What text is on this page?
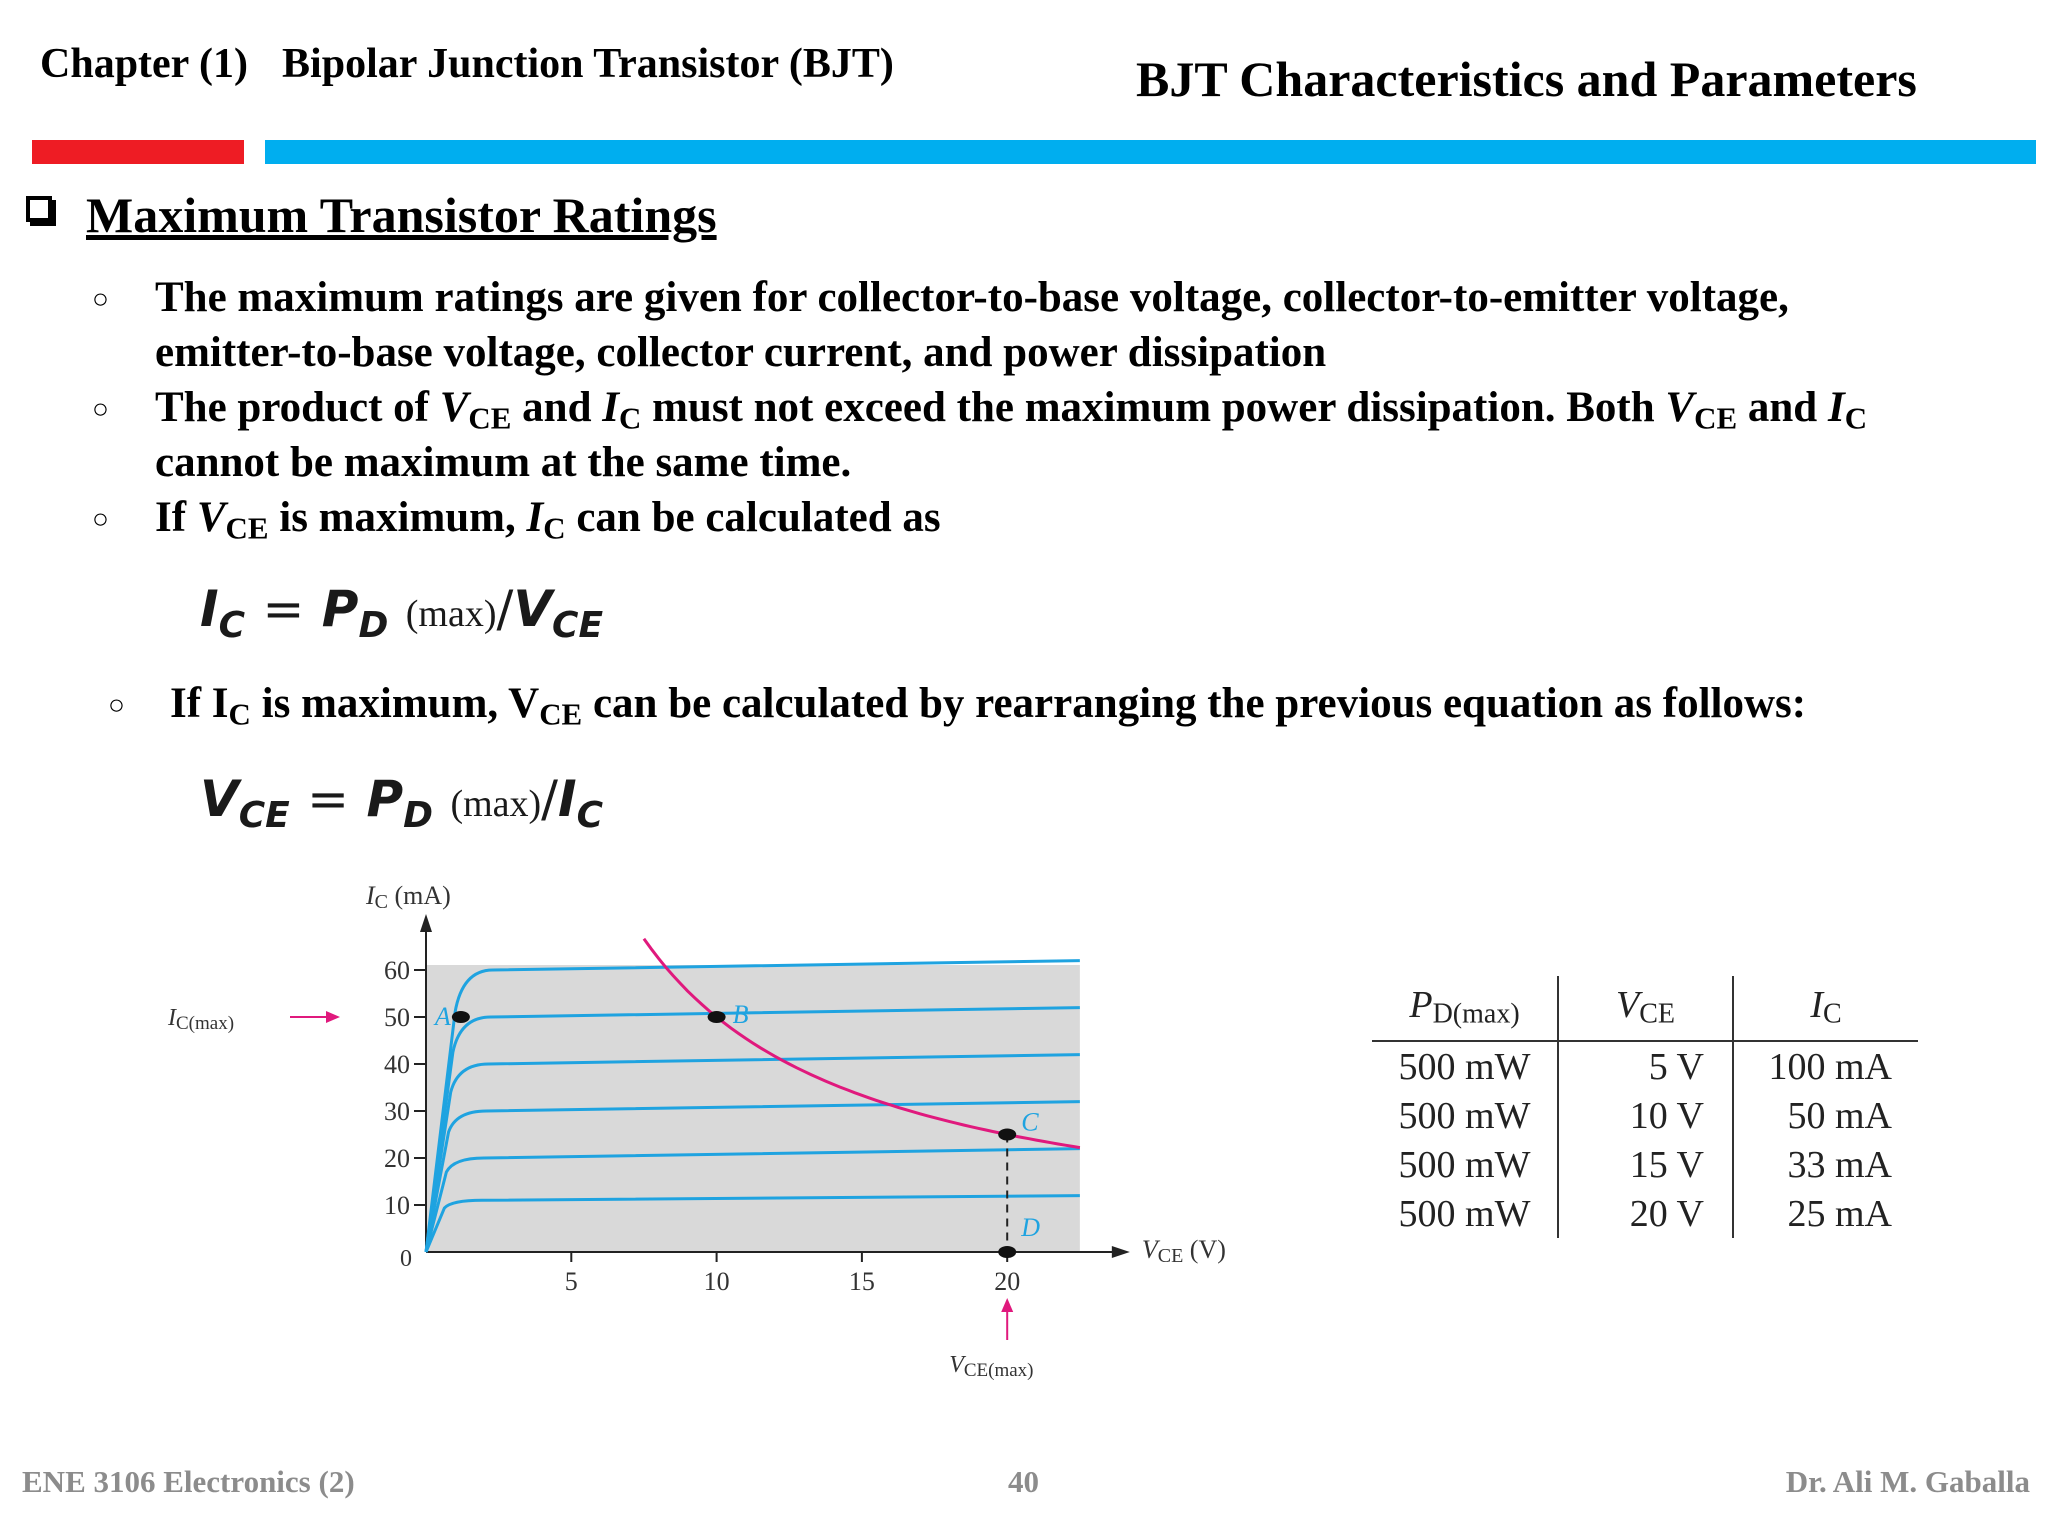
Chapter (1) Bipolar Junction Transistor (BJT)	BJT Characteristics and Parameters
Maximum Transistor Ratings
○ The maximum ratings are given for collector-to-base voltage, collector-to-emitter voltage,
emitter-to-base voltage, collector current, and power dissipation
○ The product of $V_{CE}$ and $I_C$ must not exceed the maximum power dissipation. Both $V_{CE}$ and $I_C$
cannot be maximum at the same time.
○ If $V_{CE}$ is maximum, $I_C$ can be calculated as
$I_C = P_D$ $(\max)/V_{CE}$
○ If $I_C$ is maximum, $V_{CE}$ can be calculated by rearranging the previous equation as follows:
$V_{CE} = P_D$ $(\max)/I_C$
10
20
30
40
50
60
5	10	15	20
0
IC (mA)
VCE (V)
A	B
C
D
IC(max)
VCE(max)
PD(max)	VCE	IC
500 mW	5 V	100 mA
500 mW	10 V	50 mA
500 mW	15 V	33 mA
500 mW	20 V	25 mA
ENE 3106 Electronics (2)	40	Dr. Ali M. Gaballa
